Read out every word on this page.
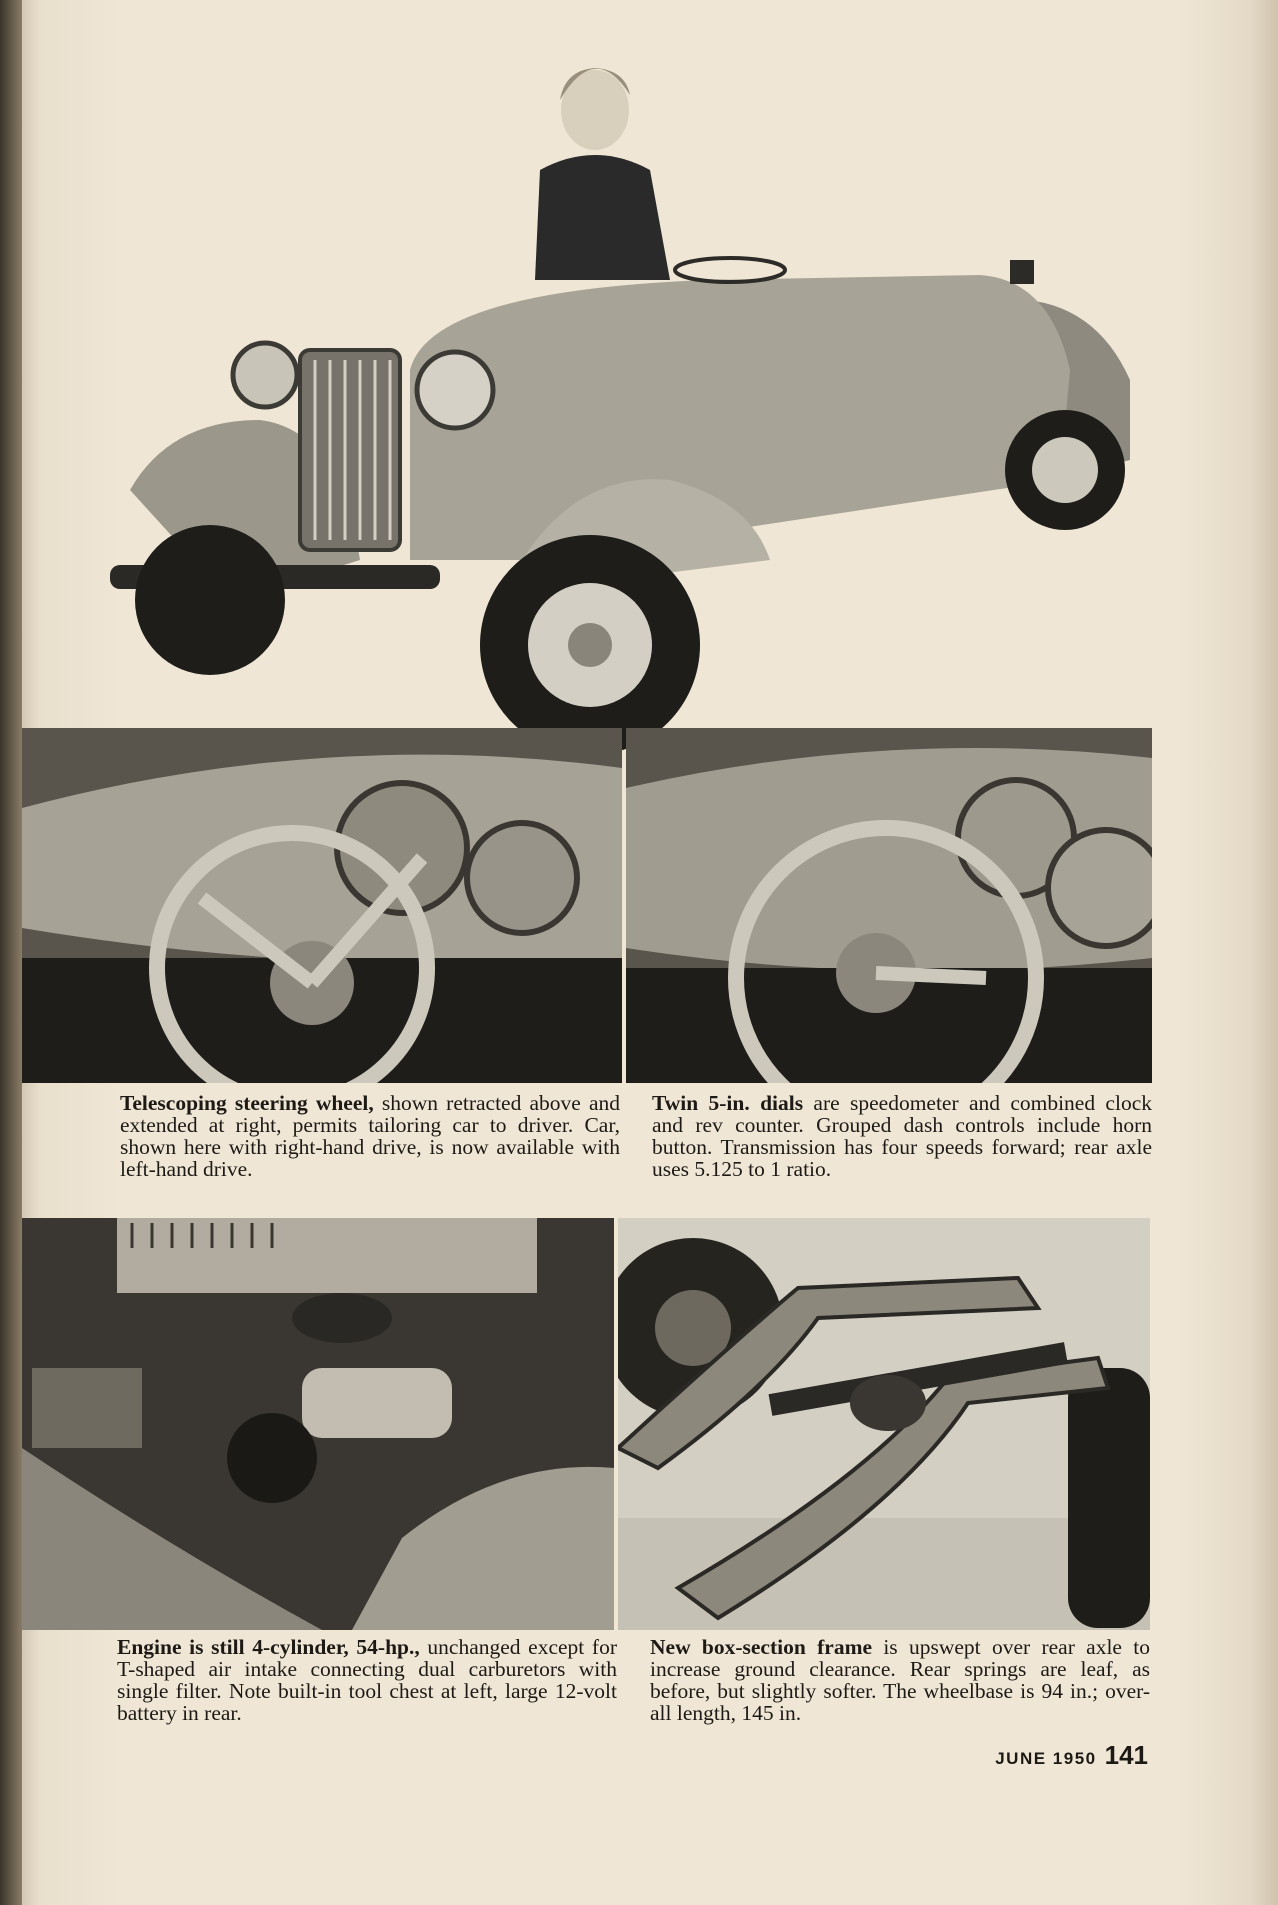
Telescoping steering wheel, shown retracted above and extended at right, permits tailoring car to driver. Car, shown here with right-hand drive, is now available with left-hand drive.

Twin 5-in. dials are speedometer and combined clock and rev counter. Grouped dash controls include horn button. Transmission has four speeds forward; rear axle uses 5.125 to 1 ratio.

Engine is still 4-cylinder, 54-hp., unchanged except for T-shaped air intake connecting dual carburetors with single filter. Note built-in tool chest at left, large 12-volt battery in rear.

New box-section frame is upswept over rear axle to increase ground clearance. Rear springs are leaf, as before, but slightly softer. The wheelbase is 94 in.; over-all length, 145 in.

JUNE 1950 141
